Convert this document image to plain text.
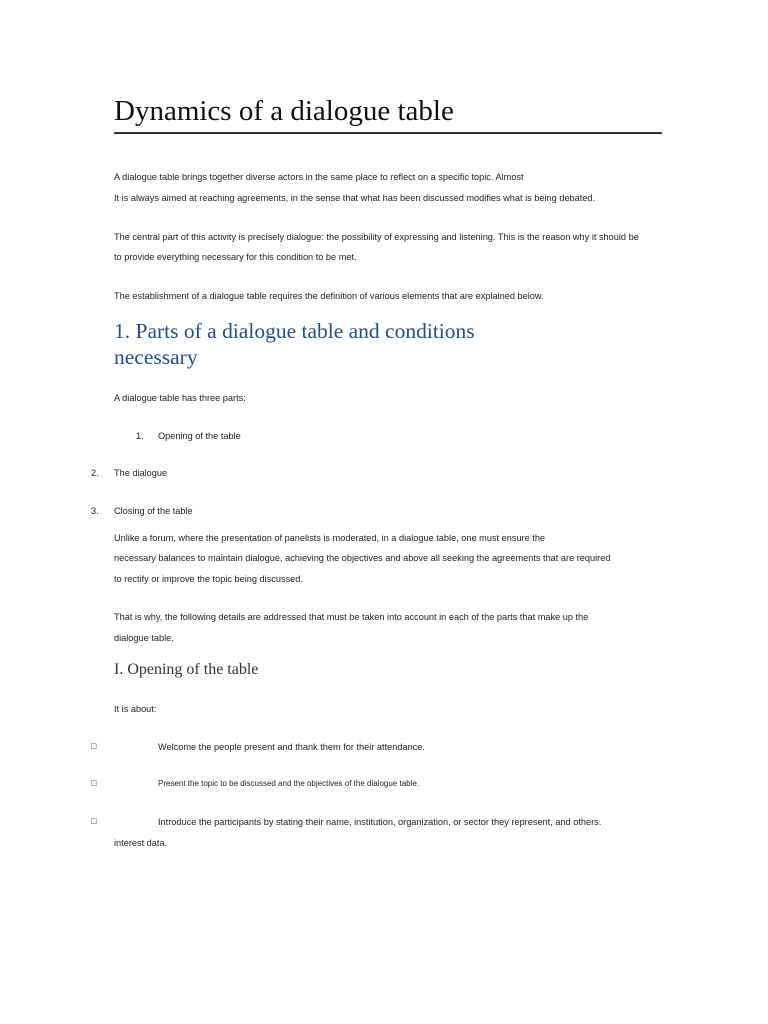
Dynamics of a dialogue table
A dialogue table brings together diverse actors in the same place to reflect on a specific topic. Almost
It is always aimed at reaching agreements, in the sense that what has been discussed modifies what is being debated.
The central part of this activity is precisely dialogue: the possibility of expressing and listening. This is the reason why it should be
to provide everything necessary for this condition to be met.
The establishment of a dialogue table requires the definition of various elements that are explained below.
1. Parts of a dialogue table and conditions
necessary
A dialogue table has three parts:
1. Opening of the table
2. The dialogue
3. Closing of the table
Unlike a forum, where the presentation of panelists is moderated, in a dialogue table, one must ensure the
necessary balances to maintain dialogue, achieving the objectives and above all seeking the agreements that are required
to rectify or improve the topic being discussed.
That is why, the following details are addressed that must be taken into account in each of the parts that make up the
dialogue table.
I. Opening of the table
It is about:
□	Welcome the people present and thank them for their attendance.
□	Present the topic to be discussed and the objectives of the dialogue table.
□	Introduce the participants by stating their name, institution, organization, or sector they represent, and others.
interest data.
